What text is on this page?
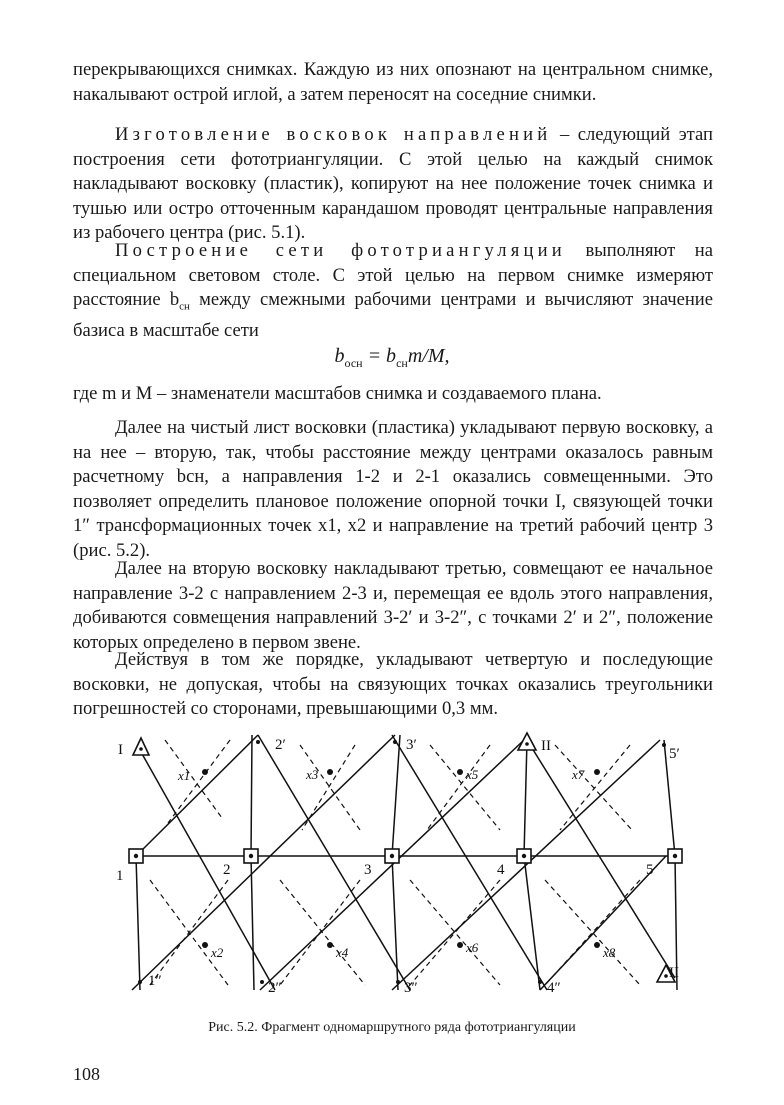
перекрывающихся снимках. Каждую из них опознают на центральном снимке, накалывают острой иглой, а затем переносят на соседние снимки.

Изготовление восковок направлений – следующий этап построения сети фототриангуляции. С этой целью на каждый снимок накладывают восковку (пластик), копируют на нее положение точек снимка и тушью или остро отточенным карандашом проводят центральные направления из рабочего центра (рис. 5.1).

Построение сети фототриангуляции выполняют на специальном световом столе. С этой целью на первом снимке измеряют расстояние $b_{сн}$ между смежными рабочими центрами и вычисляют значение базиса в масштабе сети

$b_{осн} = b_{сн}m/M$,

где m и M – знаменатели масштабов снимка и создаваемого плана.

Далее на чистый лист восковки (пластика) укладывают первую восковку, а на нее – вторую, так, чтобы расстояние между центрами оказалось равным расчетному bсн, а направления 1-2 и 2-1 оказались совмещенными. Это позволяет определить плановое положение опорной точки I, связующей точки 1″ трансформационных точек x1, x2 и направление на третий рабочий центр 3 (рис. 5.2).

Далее на вторую восковку накладывают третью, совмещают ее начальное направление 3-2 с направлением 2-3 и, перемещая ее вдоль этого направления, добиваются совмещения направлений 3-2′ и 3-2″, с точками 2′ и 2″, положение которых определено в первом звене.

Действуя в том же порядке, укладывают четвертую и последующие восковки, не допуская, чтобы на связующих точках оказались треугольники погрешностей со сторонами, превышающими 0,3 мм.

1	2	3	4	5
2′	3′
5′
1″	2″	3″	4″
I	II
II
x1	x3	x5	x7
x2	x4	x6	x8
Рис. 5.2. Фрагмент одномаршрутного ряда фототриангуляции
108
